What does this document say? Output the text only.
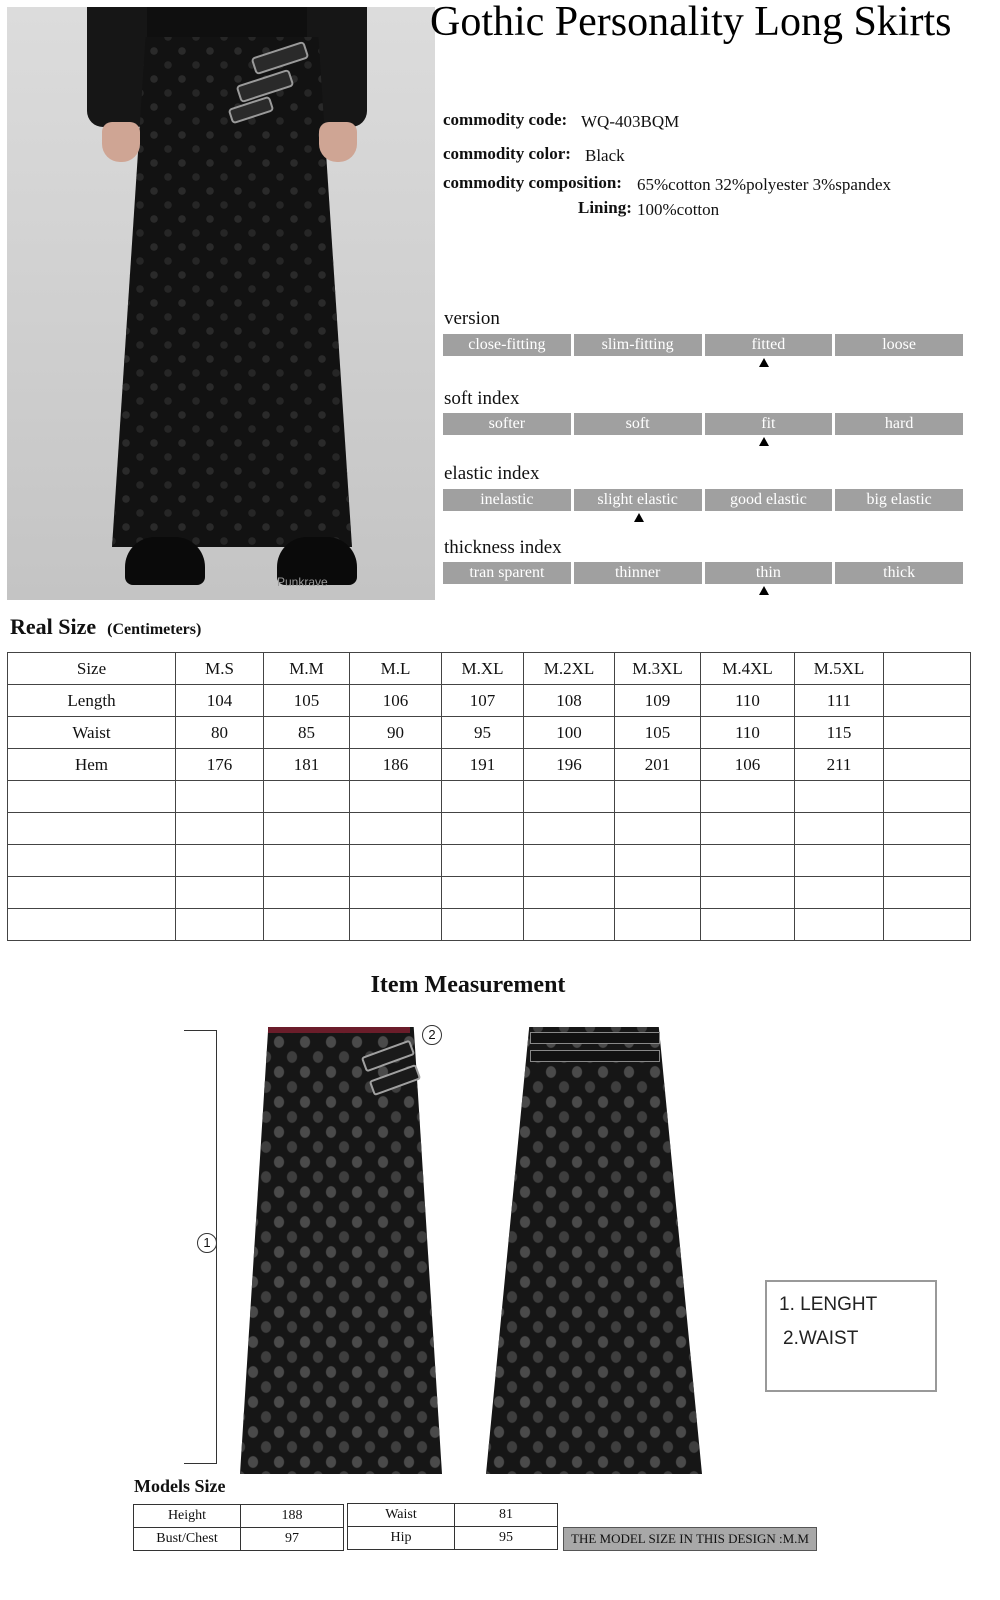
Punkrave
Gothic Personality Long Skirts
commodity code: WQ-403BQM
commodity color: Black
commodity composition: 65%cotton 32%polyester 3%spandex
Lining: 100%cotton
version
close-fitting	slim-fitting	fitted	loose
soft index
softer	soft	fit	hard
elastic index
inelastic	slight elastic	good elastic	big elastic
thickness index
tran sparent	thinner	thin	thick
Real Size (Centimeters)
Size	M.S	M.M	M.L	M.XL	M.2XL	M.3XL	M.4XL	M.5XL	
Length	104	105	106	107	108	109	110	111	
Waist	80	85	90	95	100	105	110	115	
Hem	176	181	186	191	196	201	106	211	

Item Measurement
1
2
1. LENGHT
2.WAIST
Models Size
Height	188
Bust/Chest	97
Waist	81
Hip	95	THE MODEL SIZE IN THIS DESIGN :M.M
